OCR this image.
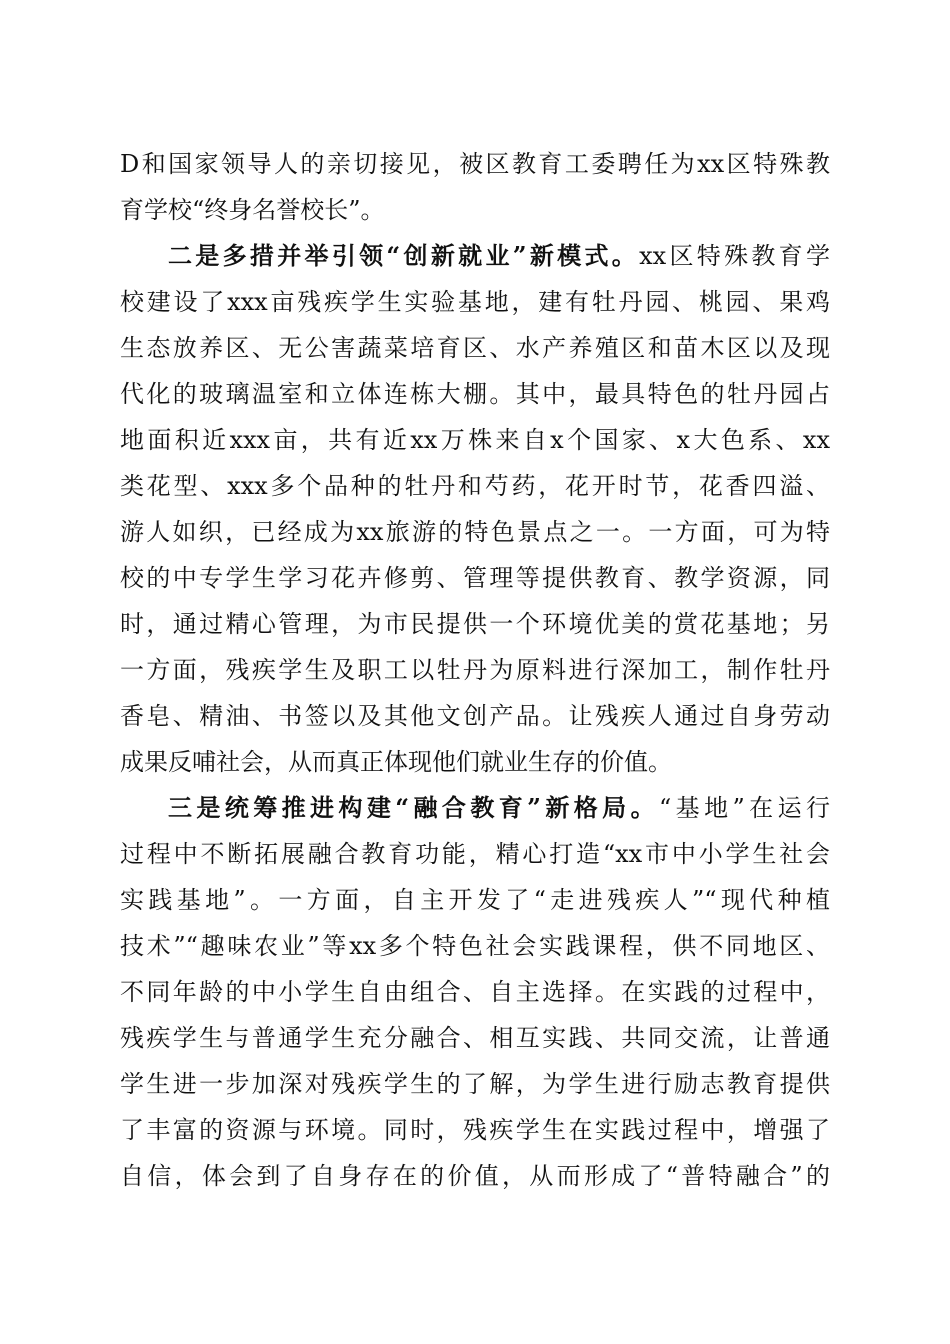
D和国家领导人的亲切接见，被区教育工委聘任为xx区特殊教
育学校“终身名誉校长”。
二是多措并举引领“创新就业”新模式。xx区特殊教育学
校建设了xxx亩残疾学生实验基地，建有牡丹园、桃园、果鸡
生态放养区、无公害蔬菜培育区、水产养殖区和苗木区以及现
代化的玻璃温室和立体连栋大棚。其中，最具特色的牡丹园占
地面积近xxx亩，共有近xx万株来自x个国家、x大色系、xx
类花型、xxx多个品种的牡丹和芍药，花开时节，花香四溢、
游人如织，已经成为xx旅游的特色景点之一。一方面，可为特
校的中专学生学习花卉修剪、管理等提供教育、教学资源，同
时，通过精心管理，为市民提供一个环境优美的赏花基地；另
一方面，残疾学生及职工以牡丹为原料进行深加工，制作牡丹
香皂、精油、书签以及其他文创产品。让残疾人通过自身劳动
成果反哺社会，从而真正体现他们就业生存的价值。
三是统筹推进构建“融合教育”新格局。“基地”在运行
过程中不断拓展融合教育功能，精心打造“xx市中小学生社会
实践基地”。一方面，自主开发了“走进残疾人”“现代种植
技术”“趣味农业”等xx多个特色社会实践课程，供不同地区、
不同年龄的中小学生自由组合、自主选择。在实践的过程中，
残疾学生与普通学生充分融合、相互实践、共同交流，让普通
学生进一步加深对残疾学生的了解，为学生进行励志教育提供
了丰富的资源与环境。同时，残疾学生在实践过程中，增强了
自信，体会到了自身存在的价值，从而形成了“普特融合”的
